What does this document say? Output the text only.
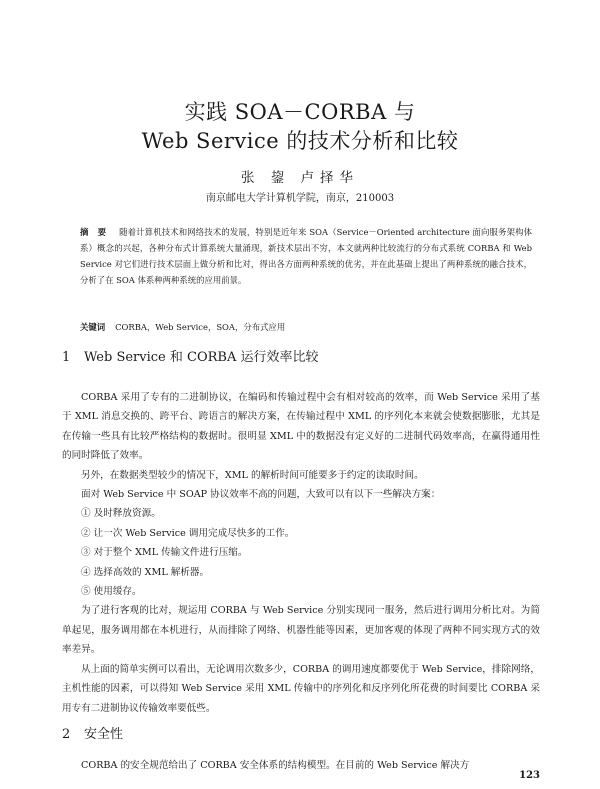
实践 SOA－CORBA 与
Web Service 的技术分析和比较
张 鋆 卢择华
南京邮电大学计算机学院，南京，210003
摘 要 随着计算机技术和网络技术的发展，特别是近年来 SOA（Service－Oriented architecture 面向服务架构体系）概念的兴起，各种分布式计算系统大量涌现，新技术层出不穷，本文就两种比较流行的分布式系统 CORBA 和 Web Service 对它们进行技术层面上做分析和比对，得出各方面两种系统的优劣，并在此基础上提出了两种系统的融合技术，分析了在 SOA 体系种两种系统的应用前景。
关键词 CORBA，Web Service，SOA，分布式应用
1 Web Service 和 CORBA 运行效率比较

CORBA 采用了专有的二进制协议，在编码和传输过程中会有相对较高的效率，而 Web Service 采用了基于 XML 消息交换的、跨平台、跨语言的解决方案，在传输过程中 XML 的序列化本来就会使数据膨胀，尤其是在传输一些具有比较严格结构的数据时。很明显 XML 中的数据没有定义好的二进制代码效率高，在赢得通用性的同时降低了效率。

另外，在数据类型较少的情况下，XML 的解析时间可能要多于约定的读取时间。

面对 Web Service 中 SOAP 协议效率不高的问题，大致可以有以下一些解决方案：

① 及时释放资源。

② 让一次 Web Service 调用完成尽快多的工作。

③ 对于整个 XML 传输文件进行压缩。

④ 选择高效的 XML 解析器。

⑤ 使用缓存。

为了进行客观的比对，规运用 CORBA 与 Web Service 分别实现同一服务，然后进行调用分析比对。为简单起见，服务调用都在本机进行，从而排除了网络、机器性能等因素，更加客观的体现了两种不同实现方式的效率差异。

从上面的简单实例可以看出，无论调用次数多少，CORBA 的调用速度都要优于 Web Service，排除网络，主机性能的因素，可以得知 Web Service 采用 XML 传输中的序列化和反序列化所花费的时间要比 CORBA 采用专有二进制协议传输效率要低些。

2 安全性

CORBA 的安全规范给出了 CORBA 安全体系的结构模型。在目前的 Web Service 解决方

123
